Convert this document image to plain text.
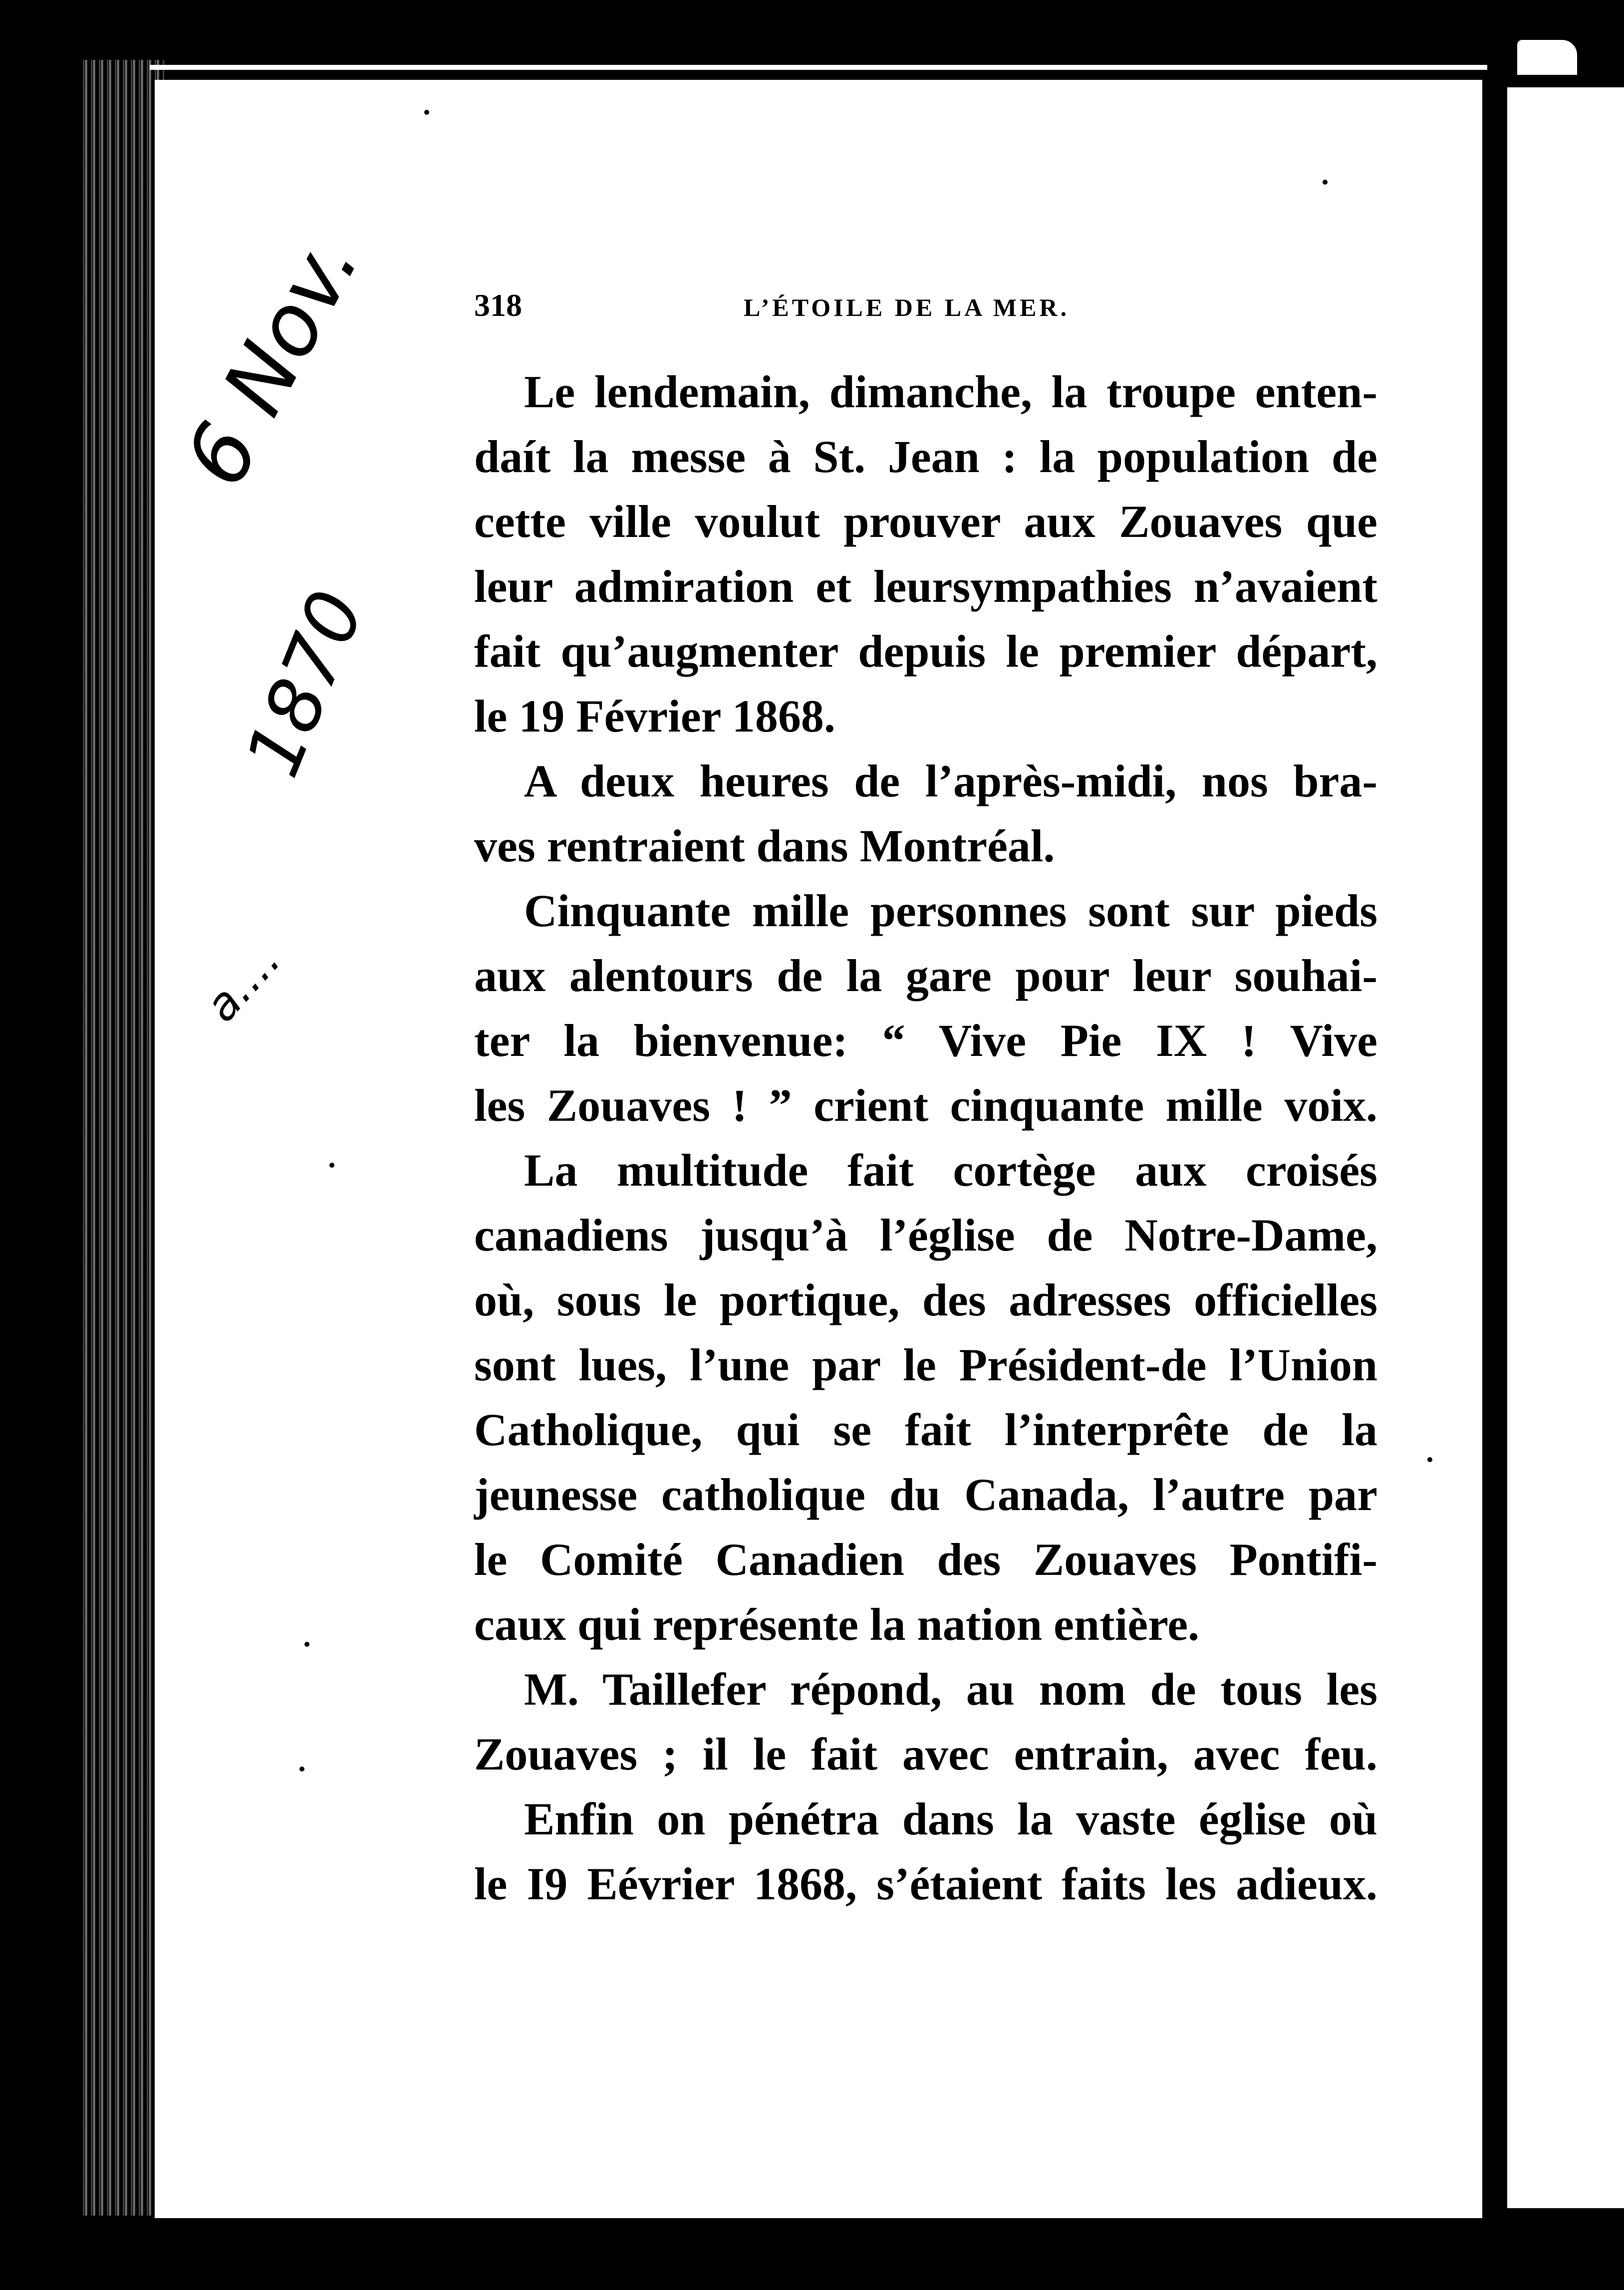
318	L’ÉTOILE DE LA MER.
6 Nov.
1870
a....
Le lendemain, dimanche, la troupe enten-
daít la messe à St. Jean : la population de
cette ville voulut prouver aux Zouaves que
leur admiration et leursympathies n’avaient
fait qu’augmenter depuis le premier départ,
le 19 Février 1868.
A deux heures de l’après-midi, nos bra-
ves rentraient dans Montréal.
Cinquante mille personnes sont sur pieds
aux alentours de la gare pour leur souhai-
ter la bienvenue: “ Vive Pie IX ! Vive
les Zouaves ! ” crient cinquante mille voix.
La multitude fait cortège aux croisés
canadiens jusqu’à l’église de Notre-Dame,
où, sous le portique, des adresses officielles
sont lues, l’une par le Président-de l’Union
Catholique, qui se fait l’interprête de la
jeunesse catholique du Canada, l’autre par
le Comité Canadien des Zouaves Pontifi-
caux qui représente la nation entière.
M. Taillefer répond, au nom de tous les
Zouaves ; il le fait avec entrain, avec feu.
Enfin on pénétra dans la vaste église où
le I9 Eévrier 1868, s’étaient faits les adieux.
